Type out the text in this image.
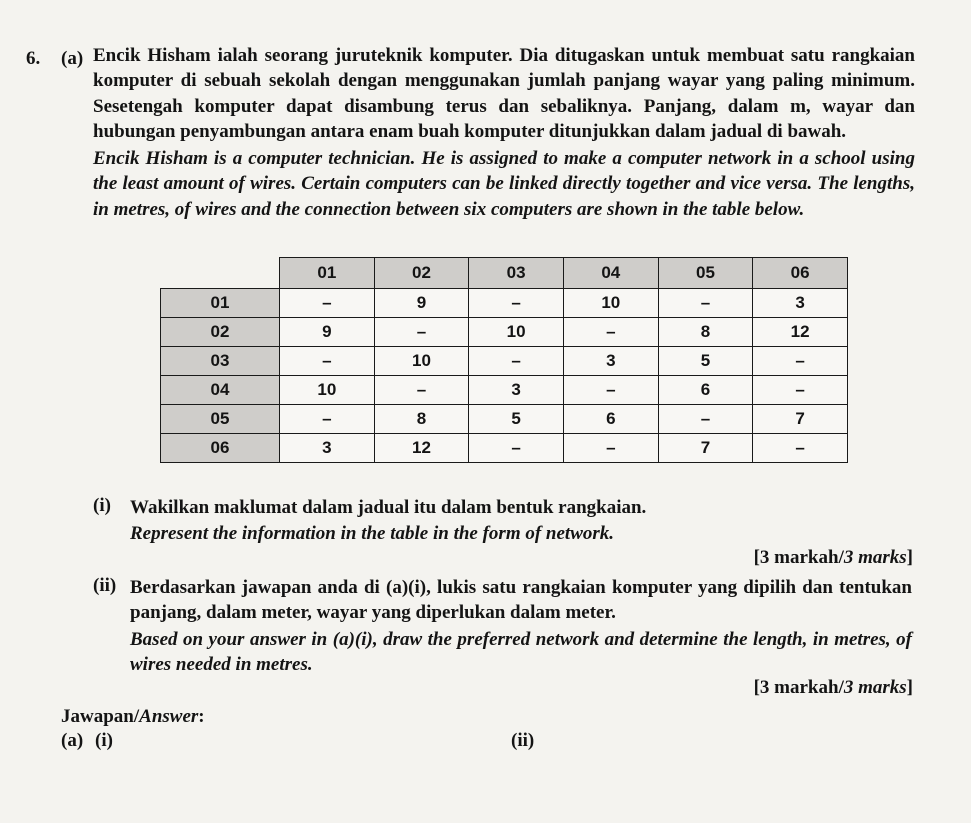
6. (a) Encik Hisham ialah seorang juruteknik komputer. Dia ditugaskan untuk membuat satu rangkaian komputer di sebuah sekolah dengan menggunakan jumlah panjang wayar yang paling minimum. Sesetengah komputer dapat disambung terus dan sebaliknya. Panjang, dalam m, wayar dan hubungan penyambungan antara enam buah komputer ditunjukkan dalam jadual di bawah.
Encik Hisham is a computer technician. He is assigned to make a computer network in a school using the least amount of wires. Certain computers can be linked directly together and vice versa. The lengths, in metres, of wires and the connection between six computers are shown in the table below.
	01	02	03	04	05	06
01	–	9	–	10	–	3
02	9	–	10	–	8	12
03	–	10	–	3	5	–
04	10	–	3	–	6	–
05	–	8	5	6	–	7
06	3	12	–	–	7	–
(i) Wakilkan maklumat dalam jadual itu dalam bentuk rangkaian.
Represent the information in the table in the form of network.
[3 markah/3 marks]
(ii) Berdasarkan jawapan anda di (a)(i), lukis satu rangkaian komputer yang dipilih dan tentukan panjang, dalam meter, wayar yang diperlukan dalam meter.
Based on your answer in (a)(i), draw the preferred network and determine the length, in metres, of wires needed in metres.
[3 markah/3 marks]
Jawapan/Answer:
(a) (i)	(ii)
